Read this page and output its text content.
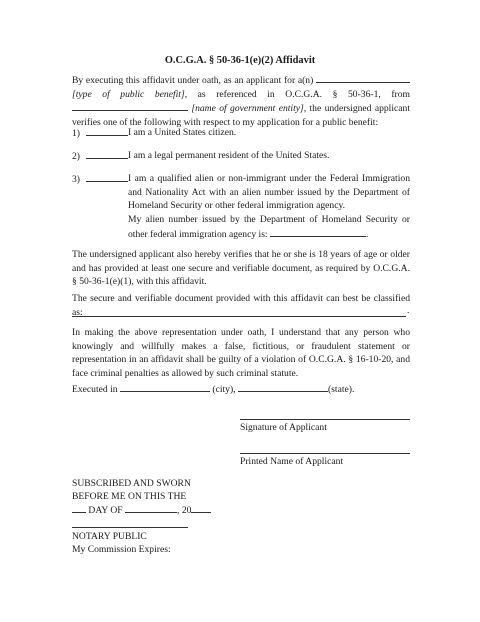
O.C.G.A. § 50-36-1(e)(2) Affidavit
By executing this affidavit under oath, as an applicant for a(n)  [type of public benefit], as referenced in O.C.G.A. § 50-36-1, from  [name of government entity], the undersigned applicant verifies one of the following with respect to my application for a public benefit:
1)	I am a United States citizen.
2)	I am a legal permanent resident of the United States.
3)	I am a qualified alien or non-immigrant under the Federal Immigration and Nationality Act with an alien number issued by the Department of Homeland Security or other federal immigration agency.
My alien number issued by the Department of Homeland Security or other federal immigration agency is:	.
The undersigned applicant also hereby verifies that he or she is 18 years of age or older and has provided at least one secure and verifiable document, as required by O.C.G.A. § 50-36-1(e)(1), with this affidavit.
The secure and verifiable document provided with this affidavit can best be classified as:	.
In making the above representation under oath, I understand that any person who knowingly and willfully makes a false, fictitious, or fraudulent statement or representation in an affidavit shall be guilty of a violation of O.C.G.A. § 16-10-20, and face criminal penalties as allowed by such criminal statute.
Executed in	(city),	(state).
Signature of Applicant
Printed Name of Applicant
SUBSCRIBED AND SWORN
BEFORE ME ON THIS THE
DAY OF	, 20
NOTARY PUBLIC
My Commission Expires:
